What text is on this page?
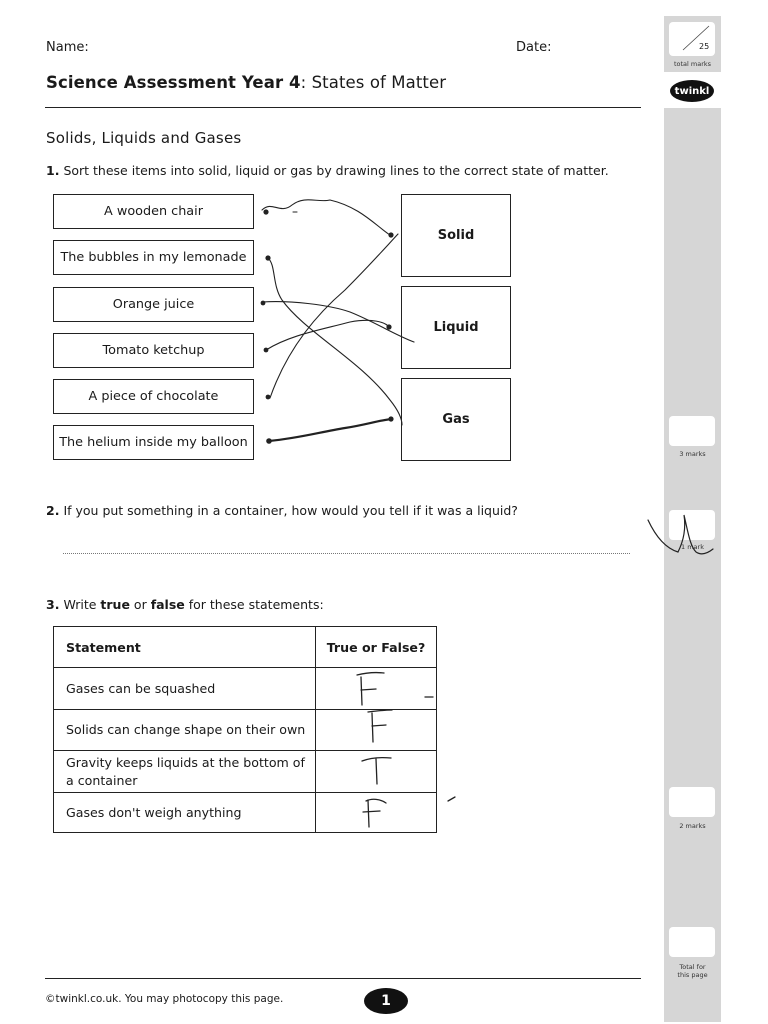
Name:	Date:
Science Assessment Year 4: States of Matter
Solids, Liquids and Gases
1. Sort these items into solid, liquid or gas by drawing lines to the correct state of matter.
A wooden chair
The bubbles in my lemonade
Orange juice
Tomato ketchup
A piece of chocolate
The helium inside my balloon
Solid
Liquid
Gas
2. If you put something in a container, how would you tell if it was a liquid?
3. Write true or false for these statements:
Statement	True or False?
Gases can be squashed	
Solids can change shape on their own	
Gravity keeps liquids at the bottom of a container	
Gases don't weigh anything	
25
total marks
twinkl
3 marks
1 mark
2 marks
Total for
this page
©twinkl.co.uk. You may photocopy this page.	1
